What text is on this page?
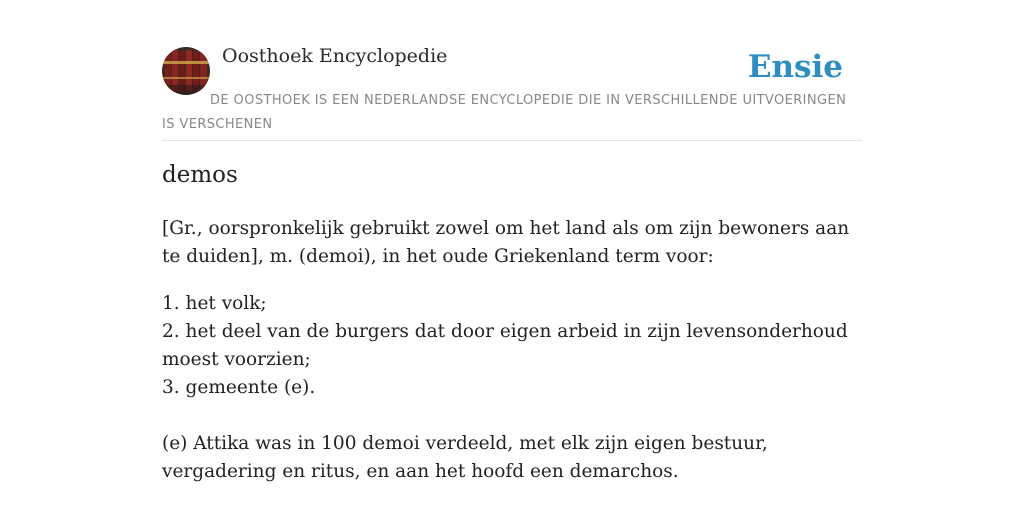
Oosthoek Encyclopedie	Ensie
DE OOSTHOEK IS EEN NEDERLANDSE ENCYCLOPEDIE DIE IN VERSCHILLENDE UITVOERINGEN IS VERSCHENEN
demos
[Gr., oorspronkelijk gebruikt zowel om het land als om zijn bewoners aan te duiden], m. (demoi), in het oude Griekenland term voor:
1. het volk;
2. het deel van de burgers dat door eigen arbeid in zijn levensonderhoud moest voorzien;
3. gemeente (e).
(e) Attika was in 100 demoi verdeeld, met elk zijn eigen bestuur, vergadering en ritus, en aan het hoofd een demarchos.
